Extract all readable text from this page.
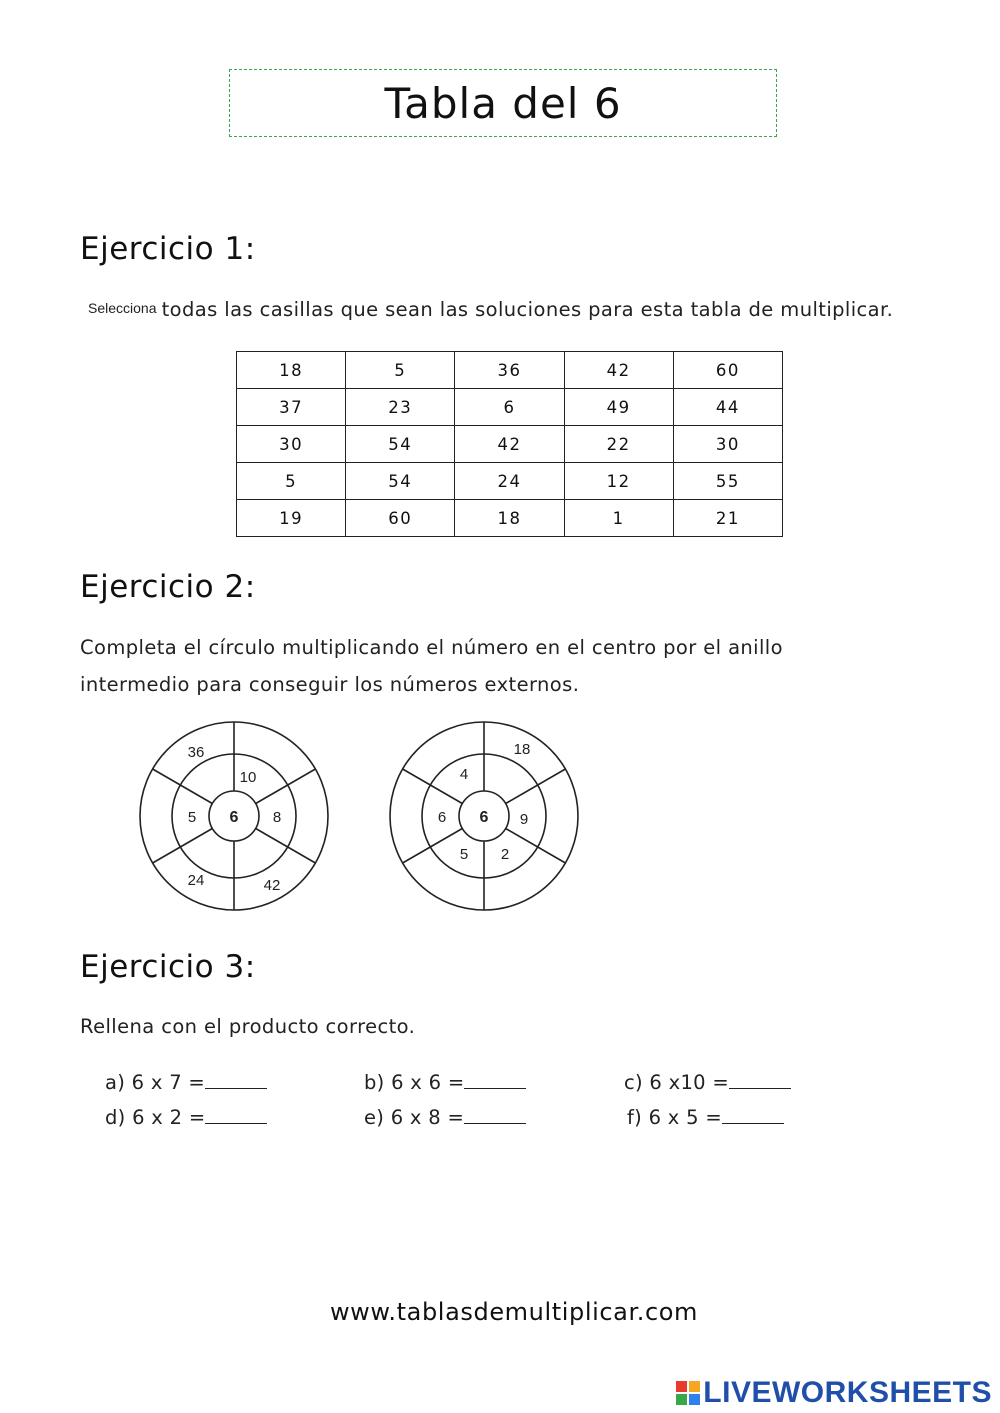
Tabla del 6
Ejercicio 1:
Selecciona todas las casillas que sean las soluciones para esta tabla de multiplicar.
18	5	36	42	60
37	23	6	49	44
30	54	42	22	30
5	54	24	12	55
19	60	18	1	21
Ejercicio 2:
Completa el círculo multiplicando el número en el centro por el anillo
intermedio para conseguir los números externos.
6
10
8
5
36
24	42
6
4
6	9
5 2
18
Ejercicio 3:
Rellena con el producto correcto.
a) 6 x 7 =	b) 6 x 6 =	c) 6 x10 =
d) 6 x 2 =	e) 6 x 8 =	f) 6 x 5 =
www.tablasdemultiplicar.com
LIVEWORKSHEETS
